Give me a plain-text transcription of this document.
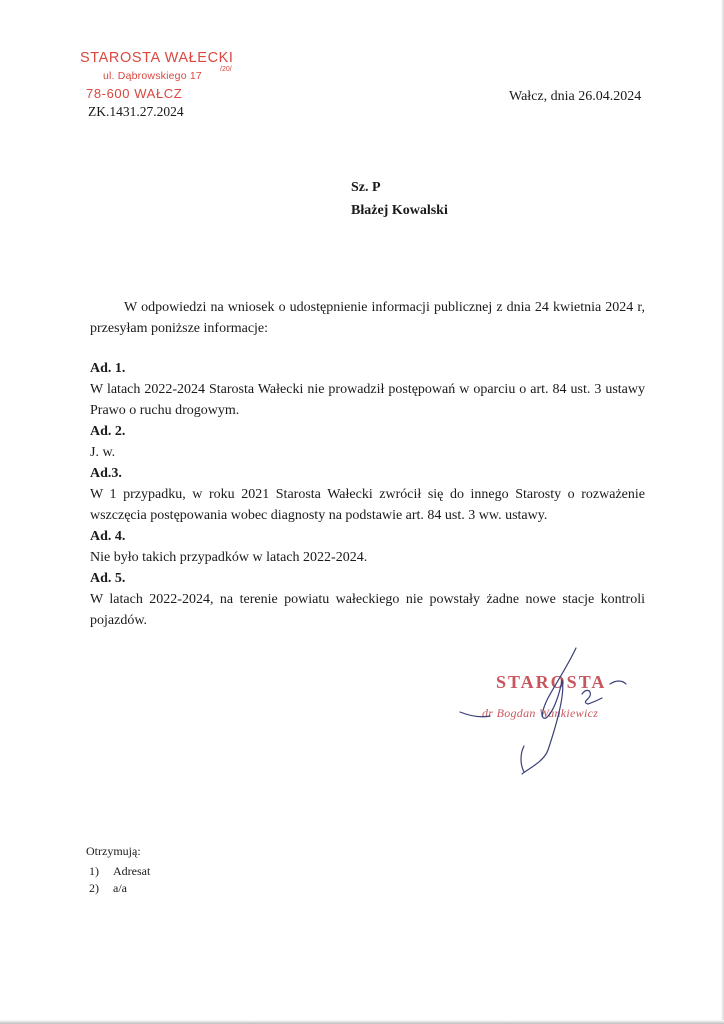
STAROSTA WAŁECKI
ul. Dąbrowskiego 17
/20/
78-600 WAŁCZ
ZK.1431.27.2024
Wałcz, dnia 26.04.2024
Sz. P
Błażej Kowalski

W odpowiedzi na wniosek o udostępnienie informacji publicznej z dnia 24 kwietnia 2024 r, przesyłam poniższe informacje:

Ad. 1.

W latach 2022-2024 Starosta Wałecki nie prowadził postępowań w oparciu o art. 84 ust. 3 ustawy Prawo o ruchu drogowym.

Ad. 2.

J. w.

Ad.3.

W 1 przypadku, w roku 2021 Starosta Wałecki zwrócił się do innego Starosty o rozważenie wszczęcia postępowania wobec diagnosty na podstawie art. 84 ust. 3 ww. ustawy.

Ad. 4.

Nie było takich przypadków w latach 2022-2024.

Ad. 5.

W latach 2022-2024, na terenie powiatu wałeckiego nie powstały żadne nowe stacje kontroli pojazdów.

STAROSTA
dr Bogdan Wankiewicz
Otrzymują:
1) Adresat
2) a/a
